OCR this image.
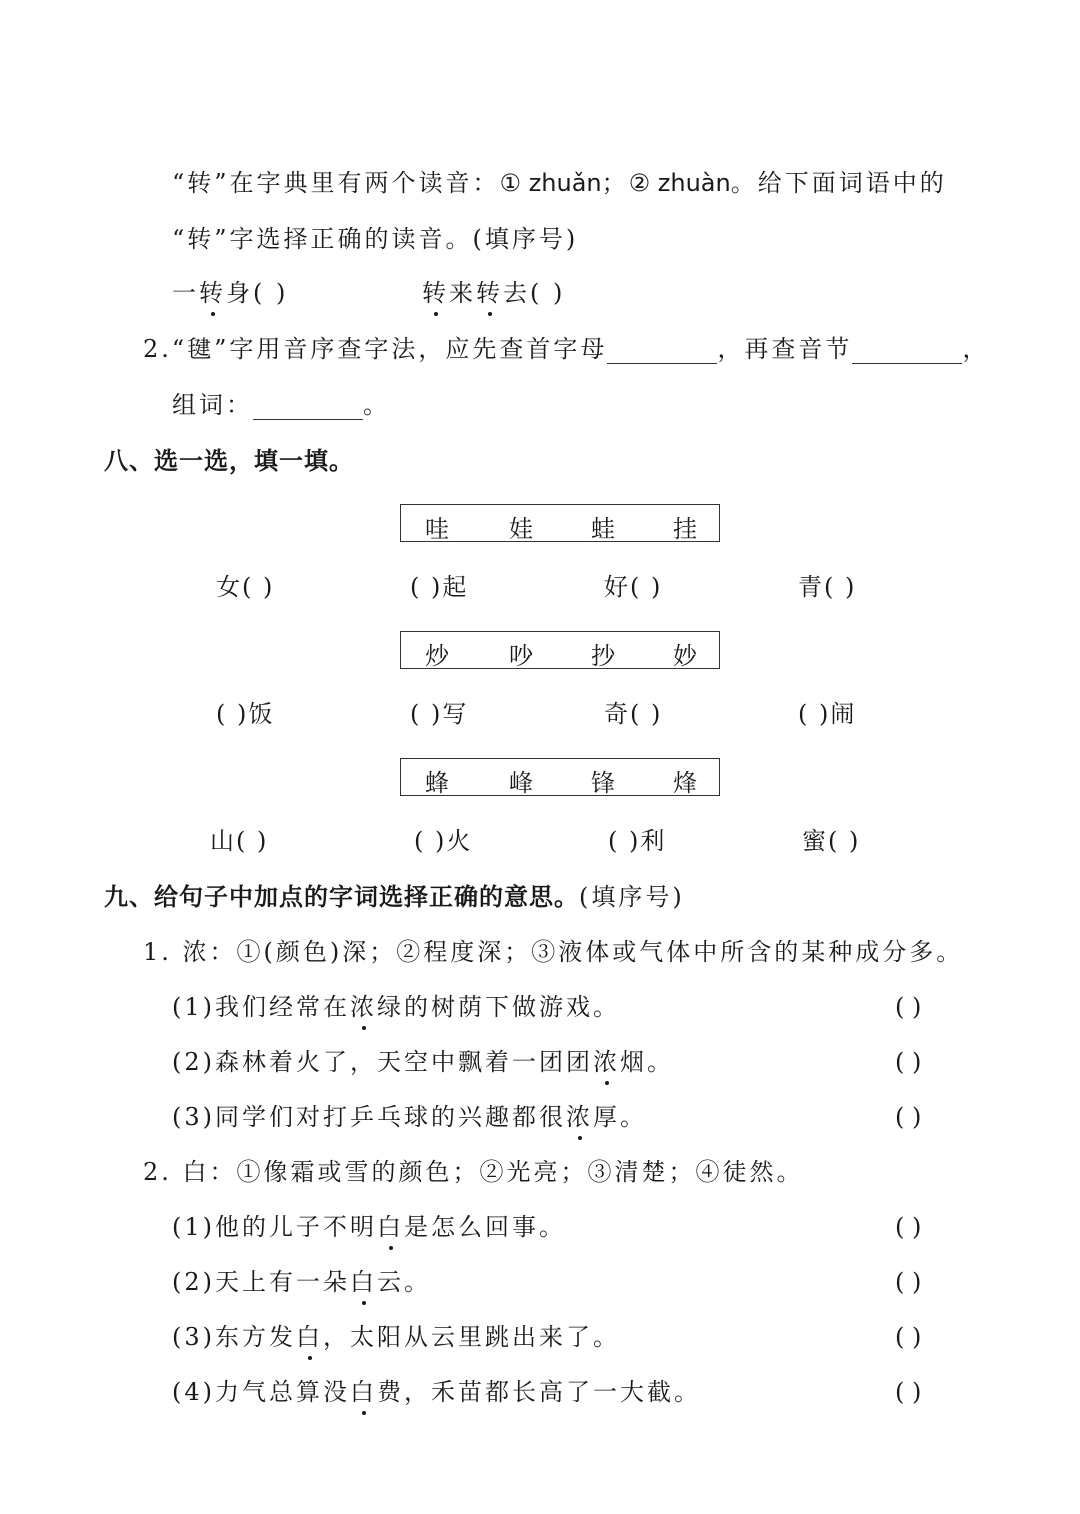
“转”在字典里有两个读音：① zhuǎn；② zhuàn。给下面词语中的
“转”字选择正确的读音。(填序号)
一转身( )	转来转去( )
2.“毽”字用音序查字法，应先查首字母	，再查音节	，
组词：	。
八、选一选，填一填。
哇	娃 蛙 挂
女( )	( )起	好( )	青( )
炒	吵 抄 妙
( )饭	( )写	奇( )	( )闹
蜂	峰 锋 烽
山( )	( )火	( )利	蜜( )
九、给句子中加点的字词选择正确的意思。(填序号)
1. 浓：①(颜色)深；②程度深；③液体或气体中所含的某种成分多。
(1)我们经常在浓绿的树荫下做游戏。	( )
(2)森林着火了，天空中飘着一团团浓烟。	( )
(3)同学们对打乒乓球的兴趣都很浓厚。	( )
2. 白：①像霜或雪的颜色；②光亮；③清楚；④徒然。
(1)他的儿子不明白是怎么回事。	( )
(2)天上有一朵白云。	( )
(3)东方发白，太阳从云里跳出来了。	( )
(4)力气总算没白费，禾苗都长高了一大截。	( )
